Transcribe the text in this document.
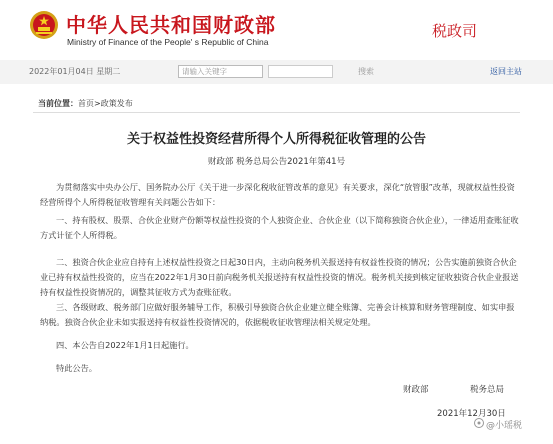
中华人民共和国财政部
Ministry of Finance of the People' s Republic of China
税政司
2022年01月04日 星期二	请输入关键字	搜索	返回主站
当前位置：首页>政策发布
关于权益性投资经营所得个人所得税征收管理的公告
财政部 税务总局公告2021年第41号

为贯彻落实中央办公厅、国务院办公厅《关于进一步深化税收征管改革的意见》有关要求，深化“放管服”改革，现就权益性投资经营所得个人所得税征收管理有关问题公告如下：

一、持有股权、股票、合伙企业财产份额等权益性投资的个人独资企业、合伙企业（以下简称独资合伙企业），一律适用查账征收方式计征个人所得税。

二、独资合伙企业应自持有上述权益性投资之日起30日内，主动向税务机关报送持有权益性投资的情况；公告实施前独资合伙企业已持有权益性投资的，应当在2022年1月30日前向税务机关报送持有权益性投资的情况。税务机关接到核定征收独资合伙企业报送持有权益性投资情况的，调整其征收方式为查账征收。

三、各级财政、税务部门应做好服务辅导工作，积极引导独资合伙企业建立健全账簿、完善会计核算和财务管理制度、如实申报纳税。独资合伙企业未如实报送持有权益性投资情况的，依据税收征收管理法相关规定处理。

四、本公告自2022年1月1日起施行。

特此公告。

财政部	税务总局
2021年12月30日
@小瑶税
